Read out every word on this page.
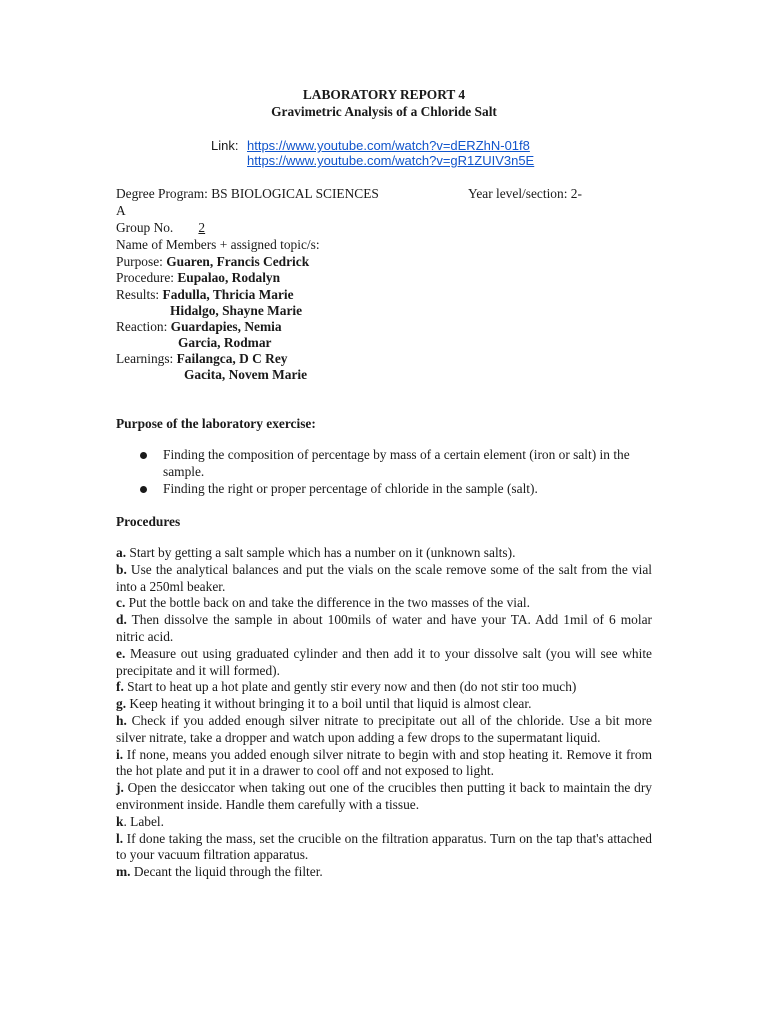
LABORATORY REPORT 4
Gravimetric Analysis of a Chloride Salt
Link: https://www.youtube.com/watch?v=dERZhN-01f8
https://www.youtube.com/watch?v=gR1ZUIV3n5E
Degree Program: BS BIOLOGICAL SCIENCES	Year level/section: 2-
A
Group No. 2
Name of Members + assigned topic/s:
Purpose: Guaren, Francis Cedrick
Procedure: Eupalao, Rodalyn
Results: Fadulla, Thricia Marie
Hidalgo, Shayne Marie
Reaction: Guardapies, Nemia
Garcia, Rodmar
Learnings: Failangca, D C Rey
Gacita, Novem Marie
Purpose of the laboratory exercise:
Finding the composition of percentage by mass of a certain element (iron or salt) in the sample.
Finding the right or proper percentage of chloride in the sample (salt).
Procedures

a. Start by getting a salt sample which has a number on it (unknown salts).

b. Use the analytical balances and put the vials on the scale remove some of the salt from the vial into a 250ml beaker.

c. Put the bottle back on and take the difference in the two masses of the vial.

d. Then dissolve the sample in about 100mils of water and have your TA. Add 1mil of 6 molar nitric acid.

e. Measure out using graduated cylinder and then add it to your dissolve salt (you will see white precipitate and it will formed).

f. Start to heat up a hot plate and gently stir every now and then (do not stir too much)

g. Keep heating it without bringing it to a boil until that liquid is almost clear.

h. Check if you added enough silver nitrate to precipitate out all of the chloride. Use a bit more silver nitrate, take a dropper and watch upon adding a few drops to the supermatant liquid.

i. If none, means you added enough silver nitrate to begin with and stop heating it. Remove it from the hot plate and put it in a drawer to cool off and not exposed to light.

j. Open the desiccator when taking out one of the crucibles then putting it back to maintain the dry environment inside. Handle them carefully with a tissue.

k. Label.

l. If done taking the mass, set the crucible on the filtration apparatus. Turn on the tap that's attached to your vacuum filtration apparatus.

m. Decant the liquid through the filter.
